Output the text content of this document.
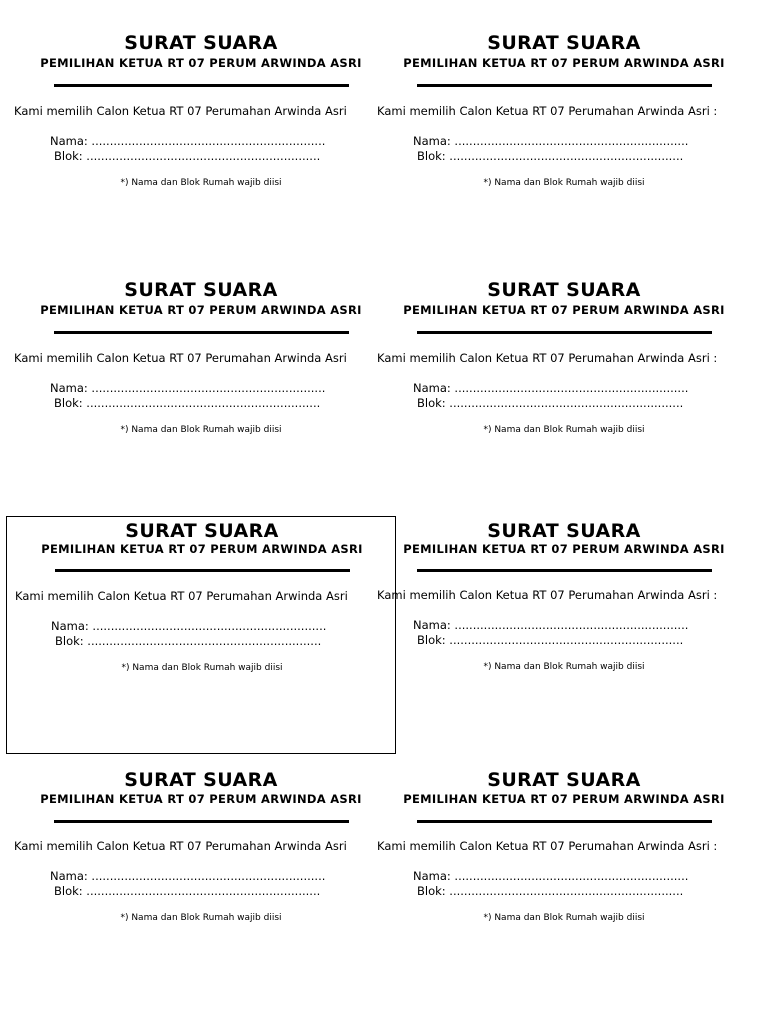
SURAT SUARA
PEMILIHAN KETUA RT 07 PERUM ARWINDA ASRI
Kami memilih Calon Ketua RT 07 Perumahan Arwinda Asri
Nama: ................................................................
Blok: ................................................................
*) Nama dan Blok Rumah wajib diisi
SURAT SUARA
PEMILIHAN KETUA RT 07 PERUM ARWINDA ASRI
Kami memilih Calon Ketua RT 07 Perumahan Arwinda Asri :
Nama: ................................................................
Blok: ................................................................
*) Nama dan Blok Rumah wajib diisi
SURAT SUARA
PEMILIHAN KETUA RT 07 PERUM ARWINDA ASRI
Kami memilih Calon Ketua RT 07 Perumahan Arwinda Asri
Nama: ................................................................
Blok: ................................................................
*) Nama dan Blok Rumah wajib diisi
SURAT SUARA
PEMILIHAN KETUA RT 07 PERUM ARWINDA ASRI
Kami memilih Calon Ketua RT 07 Perumahan Arwinda Asri :
Nama: ................................................................
Blok: ................................................................
*) Nama dan Blok Rumah wajib diisi
SURAT SUARA
PEMILIHAN KETUA RT 07 PERUM ARWINDA ASRI
Kami memilih Calon Ketua RT 07 Perumahan Arwinda Asri
Nama: ................................................................
Blok: ................................................................
*) Nama dan Blok Rumah wajib diisi
SURAT SUARA
PEMILIHAN KETUA RT 07 PERUM ARWINDA ASRI
Kami memilih Calon Ketua RT 07 Perumahan Arwinda Asri :
Nama: ................................................................
Blok: ................................................................
*) Nama dan Blok Rumah wajib diisi
SURAT SUARA
PEMILIHAN KETUA RT 07 PERUM ARWINDA ASRI
Kami memilih Calon Ketua RT 07 Perumahan Arwinda Asri
Nama: ................................................................
Blok: ................................................................
*) Nama dan Blok Rumah wajib diisi
SURAT SUARA
PEMILIHAN KETUA RT 07 PERUM ARWINDA ASRI
Kami memilih Calon Ketua RT 07 Perumahan Arwinda Asri :
Nama: ................................................................
Blok: ................................................................
*) Nama dan Blok Rumah wajib diisi
